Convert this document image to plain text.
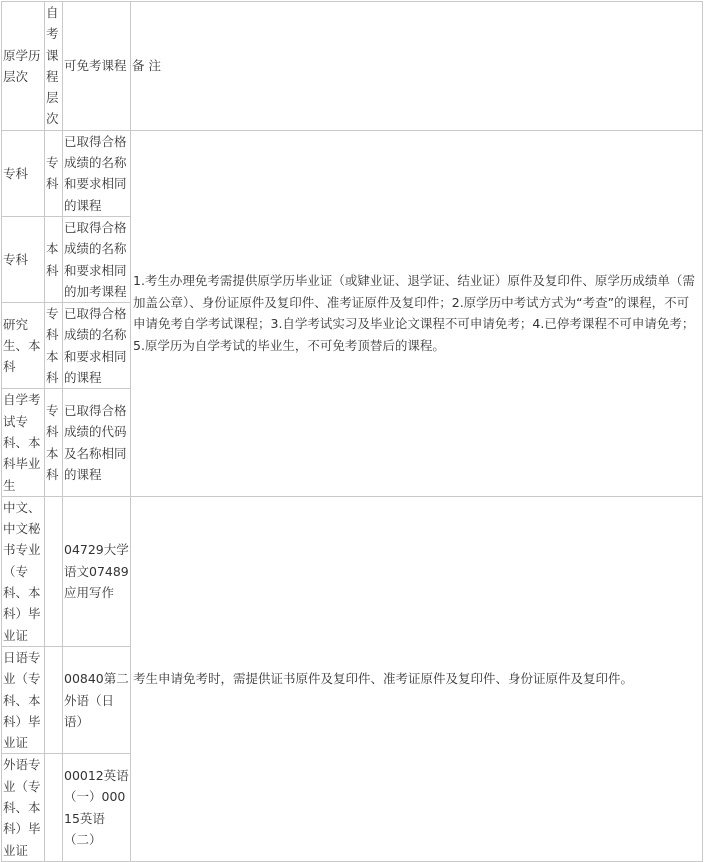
原学历层次	自考课程层次	可免考课程	备 注
专科	专科	已取得合格成绩的名称和要求相同的课程	1.考生办理免考需提供原学历毕业证（或肄业证、退学证、结业证）原件及复印件、原学历成绩单（需加盖公章）、身份证原件及复印件、准考证原件及复印件；2.原学历中考试方式为“考查”的课程，不可申请免考自学考试课程；3.自学考试实习及毕业论文课程不可申请免考；4.已停考课程不可申请免考；5.原学历为自学考试的毕业生，不可免考顶替后的课程。
专科	本科	已取得合格成绩的名称和要求相同的加考课程	
研究生、本科	专科本科	已取得合格成绩的名称和要求相同的课程	
自学考试专科、本科毕业生	专科本科	已取得合格成绩的代码及名称相同的课程	
中文、中文秘书专业（专科、本科）毕业证		04729大学语文07489应用写作	考生申请免考时，需提供证书原件及复印件、准考证原件及复印件、身份证原件及复印件。
日语专业（专科、本科）毕业证		00840第二外语（日语）	
外语专业（专科、本科）毕业证		00012英语（一）00015英语（二）	
